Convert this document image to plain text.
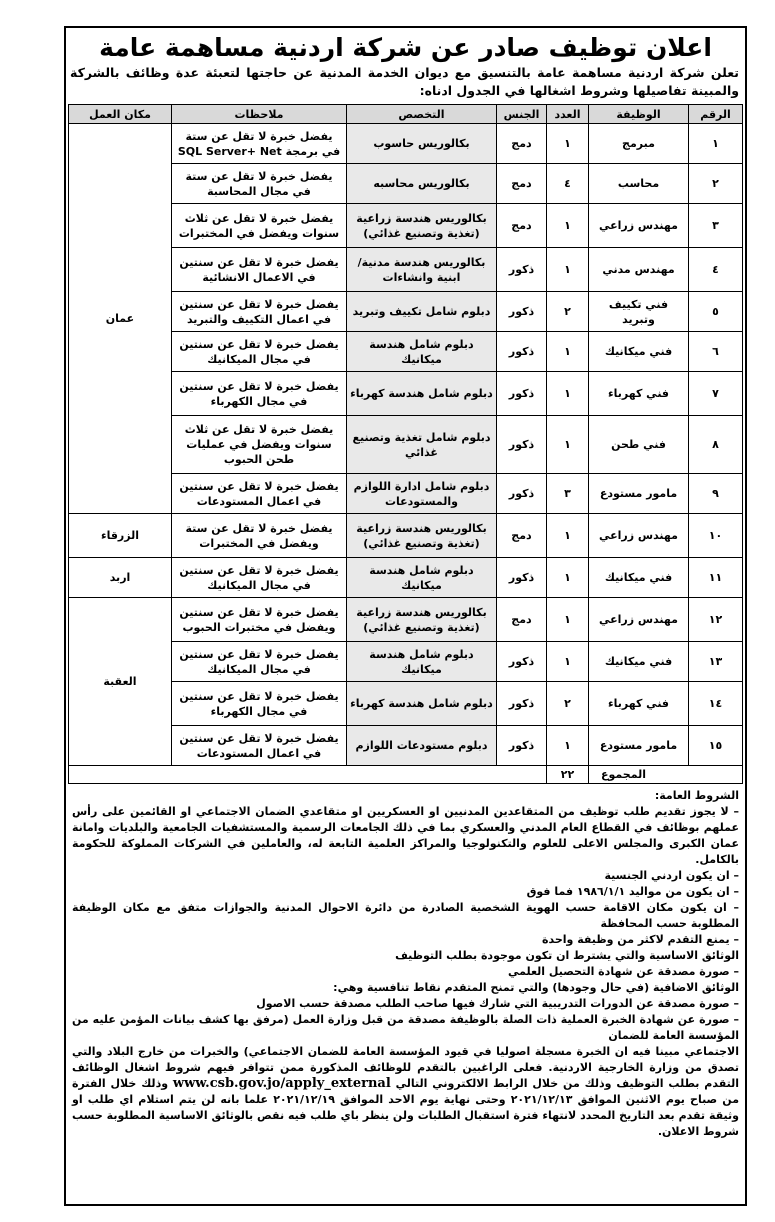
اعلان توظيف صادر عن شركة اردنية مساهمة عامة
تعلن شركة اردنية مساهمة عامة بالتنسيق مع ديوان الخدمة المدنية عن حاجتها لتعبئة عدة وظائف بالشركة والمبينة تفاصيلها وشروط اشغالها في الجدول ادناه:
الرقم	الوظيفة	العدد	الجنس	التخصص	ملاحظات	مكان العمل
١	مبرمج	١	دمج	بكالوريس حاسوب	يفضل خبرة لا تقل عن ستة في برمجة SQL Server+ Net	عمان
٢	محاسب	٤	دمج	بكالوريس محاسبه	يفضل خبرة لا تقل عن ستة في مجال المحاسبة	
٣	مهندس زراعي	١	دمج	بكالوريس هندسة زراعية (تغذية وتصنيع غذائي)	يفضل خبرة لا تقل عن ثلاث سنوات ويفضل في المختبرات	
٤	مهندس مدني	١	ذكور	بكالوريس هندسة مدنية/ ابنية وانشاءات	يفضل خبرة لا تقل عن سنتين في الاعمال الانشائية	
٥	فني تكييف وتبريد	٢	ذكور	دبلوم شامل تكييف وتبريد	يفضل خبرة لا تقل عن سنتين في اعمال التكييف والتبريد	
٦	فني ميكانيك	١	ذكور	دبلوم شامل هندسة ميكانيك	يفضل خبرة لا تقل عن سنتين في مجال الميكانيك	
٧	فني كهرباء	١	ذكور	دبلوم شامل هندسة كهرباء	يفضل خبرة لا تقل عن سنتين في مجال الكهرباء	
٨	فني طحن	١	ذكور	دبلوم شامل تغذية وتصنيع غذائي	يفضل خبرة لا تقل عن ثلاث سنوات ويفضل في عمليات طحن الحبوب	
٩	مامور مستودع	٣	ذكور	دبلوم شامل ادارة اللوازم والمستودعات	يفضل خبرة لا تقل عن سنتين في اعمال المستودعات	
١٠	مهندس زراعي	١	دمج	بكالوريس هندسة زراعية (تغذية وتصنيع غذائي)	يفضل خبرة لا تقل عن ستة ويفضل في المختبرات	الزرقاء
١١	فني ميكانيك	١	ذكور	دبلوم شامل هندسة ميكانيك	يفضل خبرة لا تقل عن سنتين في مجال الميكانيك	اربد
١٢	مهندس زراعي	١	دمج	بكالوريس هندسة زراعية (تغذية وتصنيع غذائي)	يفضل خبرة لا تقل عن سنتين ويفضل في مختبرات الحبوب	العقبة
١٣	فني ميكانيك	١	ذكور	دبلوم شامل هندسة ميكانيك	يفضل خبرة لا تقل عن سنتين في مجال الميكانيك	
١٤	فني كهرباء	٢	ذكور	دبلوم شامل هندسة كهرباء	يفضل خبرة لا تقل عن سنتين في مجال الكهرباء	
١٥	مامور مستودع	١	ذكور	دبلوم مستودعات اللوازم	يفضل خبرة لا تقل عن سنتين في اعمال المستودعات	
المجموع		٢٢				

الشروط العامة:

– لا يجوز تقديم طلب توظيف من المتقاعدين المدنيين او العسكريين او متقاعدي الضمان الاجتماعي او القائمين على رأس عملهم بوظائف في القطاع العام المدني والعسكري بما في ذلك الجامعات الرسمية والمستشفيات الجامعية والبلديات وامانة عمان الكبرى والمجلس الاعلى للعلوم والتكنولوجيا والمراكز العلمية التابعة له، والعاملين في الشركات المملوكة للحكومة بالكامل.

– ان يكون اردني الجنسية

– ان يكون من مواليد ١٩٨٦/١/١ فما فوق

– ان يكون مكان الاقامة حسب الهوية الشخصية الصادرة من دائرة الاحوال المدنية والجوازات متفق مع مكان الوظيفة المطلوبة حسب المحافظة

– يمنع التقدم لاكثر من وظيفة واحدة

الوثائق الاساسية والتي يشترط ان تكون موجودة بطلب التوظيف

– صورة مصدقة عن شهادة التحصيل العلمي

الوثائق الاضافية (في حال وجودها) والتي تمنح المتقدم نقاط تنافسية وهي:

– صورة مصدقة عن الدورات التدريبية التي شارك فيها صاحب الطلب مصدقة حسب الاصول

– صورة عن شهادة الخبرة العملية ذات الصلة بالوظيفة مصدقة من قبل وزارة العمل (مرفق بها كشف بيانات المؤمن عليه من المؤسسة العامة للضمان

الاجتماعي مبينا فيه ان الخبرة مسجلة اصوليا في قيود المؤسسة العامة للضمان الاجتماعي) والخبرات من خارج البلاد والتي تصدق من وزارة الخارجية الاردنية. فعلى الراغبين بالتقدم للوظائف المذكورة ممن تتوافر فيهم شروط اشغال الوظائف التقدم بطلب التوظيف وذلك من خلال الرابط الالكتروني التالي www.csb.gov.jo/apply_external وذلك خلال الفترة من صباح يوم الاثنين الموافق ٢٠٢١/١٢/١٣ وحتى نهاية يوم الاحد الموافق ٢٠٢١/١٢/١٩ علما بانه لن يتم استلام اي طلب او وثيقة تقدم بعد التاريخ المحدد لانتهاء فترة استقبال الطلبات ولن ينظر باي طلب فيه نقص بالوثائق الاساسية المطلوبة حسب شروط الاعلان.
